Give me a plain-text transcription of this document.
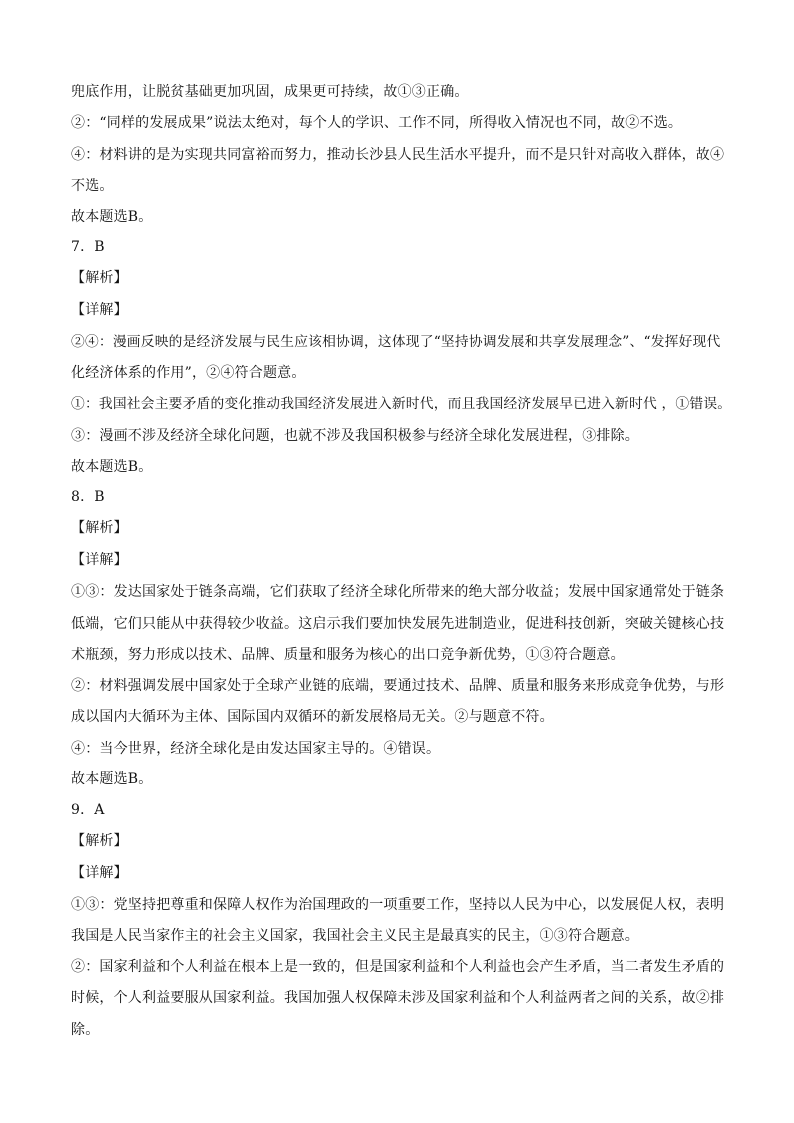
兜底作用，让脱贫基础更加巩固，成果更可持续，故①③正确。
②：“同样的发展成果”说法太绝对，每个人的学识、工作不同，所得收入情况也不同，故②不选。
④：材料讲的是为实现共同富裕而努力，推动长沙县人民生活水平提升，而不是只针对高收入群体，故④
不选。
故本题选B。
7．B
【解析】
【详解】
②④：漫画反映的是经济发展与民生应该相协调，这体现了“坚持协调发展和共享发展理念”、“发挥好现代
化经济体系的作用”，②④符合题意。
①：我国社会主要矛盾的变化推动我国经济发展进入新时代，而且我国经济发展早已进入新时代 ，①错误。
③：漫画不涉及经济全球化问题，也就不涉及我国积极参与经济全球化发展进程，③排除。
故本题选B。
8．B
【解析】
【详解】
①③：发达国家处于链条高端，它们获取了经济全球化所带来的绝大部分收益；发展中国家通常处于链条
低端，它们只能从中获得较少收益。这启示我们要加快发展先进制造业，促进科技创新，突破关键核心技
术瓶颈，努力形成以技术、品牌、质量和服务为核心的出口竞争新优势，①③符合题意。
②：材料强调发展中国家处于全球产业链的底端，要通过技术、品牌、质量和服务来形成竞争优势，与形
成以国内大循环为主体、国际国内双循环的新发展格局无关。②与题意不符。
④：当今世界，经济全球化是由发达国家主导的。④错误。
故本题选B。
9．A
【解析】
【详解】
①③：党坚持把尊重和保障人权作为治国理政的一项重要工作，坚持以人民为中心，以发展促人权，表明
我国是人民当家作主的社会主义国家，我国社会主义民主是最真实的民主，①③符合题意。
②：国家利益和个人利益在根本上是一致的，但是国家利益和个人利益也会产生矛盾，当二者发生矛盾的
时候，个人利益要服从国家利益。我国加强人权保障未涉及国家利益和个人利益两者之间的关系，故②排
除。
